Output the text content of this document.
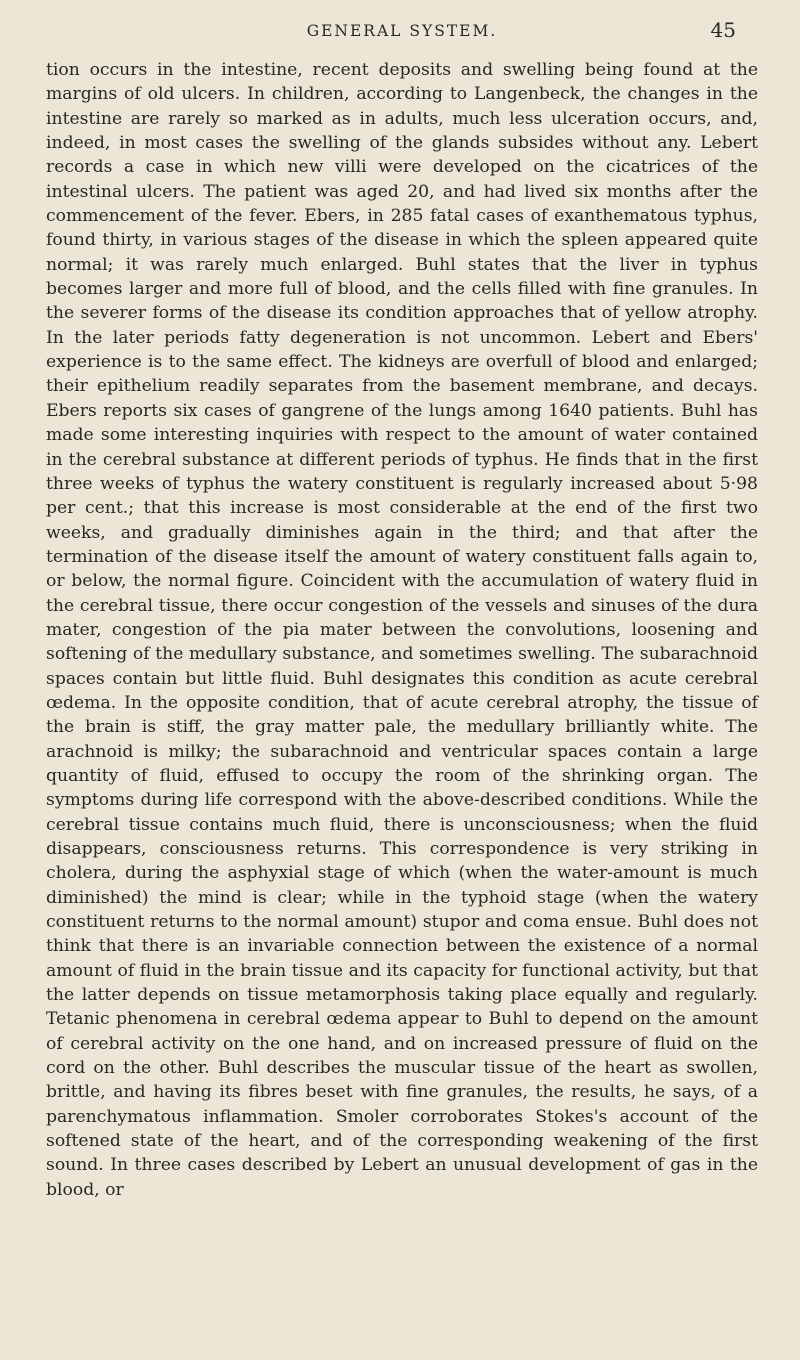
GENERAL SYSTEM.	45

tion occurs in the intestine, recent deposits and swelling being found at the margins of old ulcers. In children, according to Langenbeck, the changes in the intestine are rarely so marked as in adults, much less ulceration occurs, and, indeed, in most cases the swelling of the glands subsides without any. Lebert records a case in which new villi were developed on the cicatrices of the intestinal ulcers. The patient was aged 20, and had lived six months after the commencement of the fever. Ebers, in 285 fatal cases of exanthematous typhus, found thirty, in various stages of the disease in which the spleen appeared quite normal; it was rarely much enlarged. Buhl states that the liver in typhus becomes larger and more full of blood, and the cells filled with fine granules. In the severer forms of the disease its condition approaches that of yellow atrophy. In the later periods fatty degeneration is not uncommon. Lebert and Ebers' experience is to the same effect. The kidneys are overfull of blood and enlarged; their epithelium readily separates from the basement membrane, and decays. Ebers reports six cases of gangrene of the lungs among 1640 patients. Buhl has made some interesting inquiries with respect to the amount of water contained in the cerebral substance at different periods of typhus. He finds that in the first three weeks of typhus the watery constituent is regularly increased about 5·98 per cent.; that this increase is most considerable at the end of the first two weeks, and gradually diminishes again in the third; and that after the termination of the disease itself the amount of watery constituent falls again to, or below, the normal figure. Coincident with the accumulation of watery fluid in the cerebral tissue, there occur congestion of the vessels and sinuses of the dura mater, congestion of the pia mater between the convolutions, loosening and softening of the medullary substance, and sometimes swelling. The subarachnoid spaces contain but little fluid. Buhl designates this condition as acute cerebral œdema. In the opposite condition, that of acute cerebral atrophy, the tissue of the brain is stiff, the gray matter pale, the medullary brilliantly white. The arachnoid is milky; the subarachnoid and ventricular spaces contain a large quantity of fluid, effused to occupy the room of the shrinking organ. The symptoms during life correspond with the above-described conditions. While the cerebral tissue contains much fluid, there is unconsciousness; when the fluid disappears, consciousness returns. This correspondence is very striking in cholera, during the asphyxial stage of which (when the water-amount is much diminished) the mind is clear; while in the typhoid stage (when the watery constituent returns to the normal amount) stupor and coma ensue. Buhl does not think that there is an invariable connection between the existence of a normal amount of fluid in the brain tissue and its capacity for functional activity, but that the latter depends on tissue metamorphosis taking place equally and regularly. Tetanic phenomena in cerebral œdema appear to Buhl to depend on the amount of cerebral activity on the one hand, and on increased pressure of fluid on the cord on the other. Buhl describes the muscular tissue of the heart as swollen, brittle, and having its fibres beset with fine granules, the results, he says, of a parenchymatous inflammation. Smoler corroborates Stokes's account of the softened state of the heart, and of the corresponding weakening of the first sound. In three cases described by Lebert an unusual development of gas in the blood, or
